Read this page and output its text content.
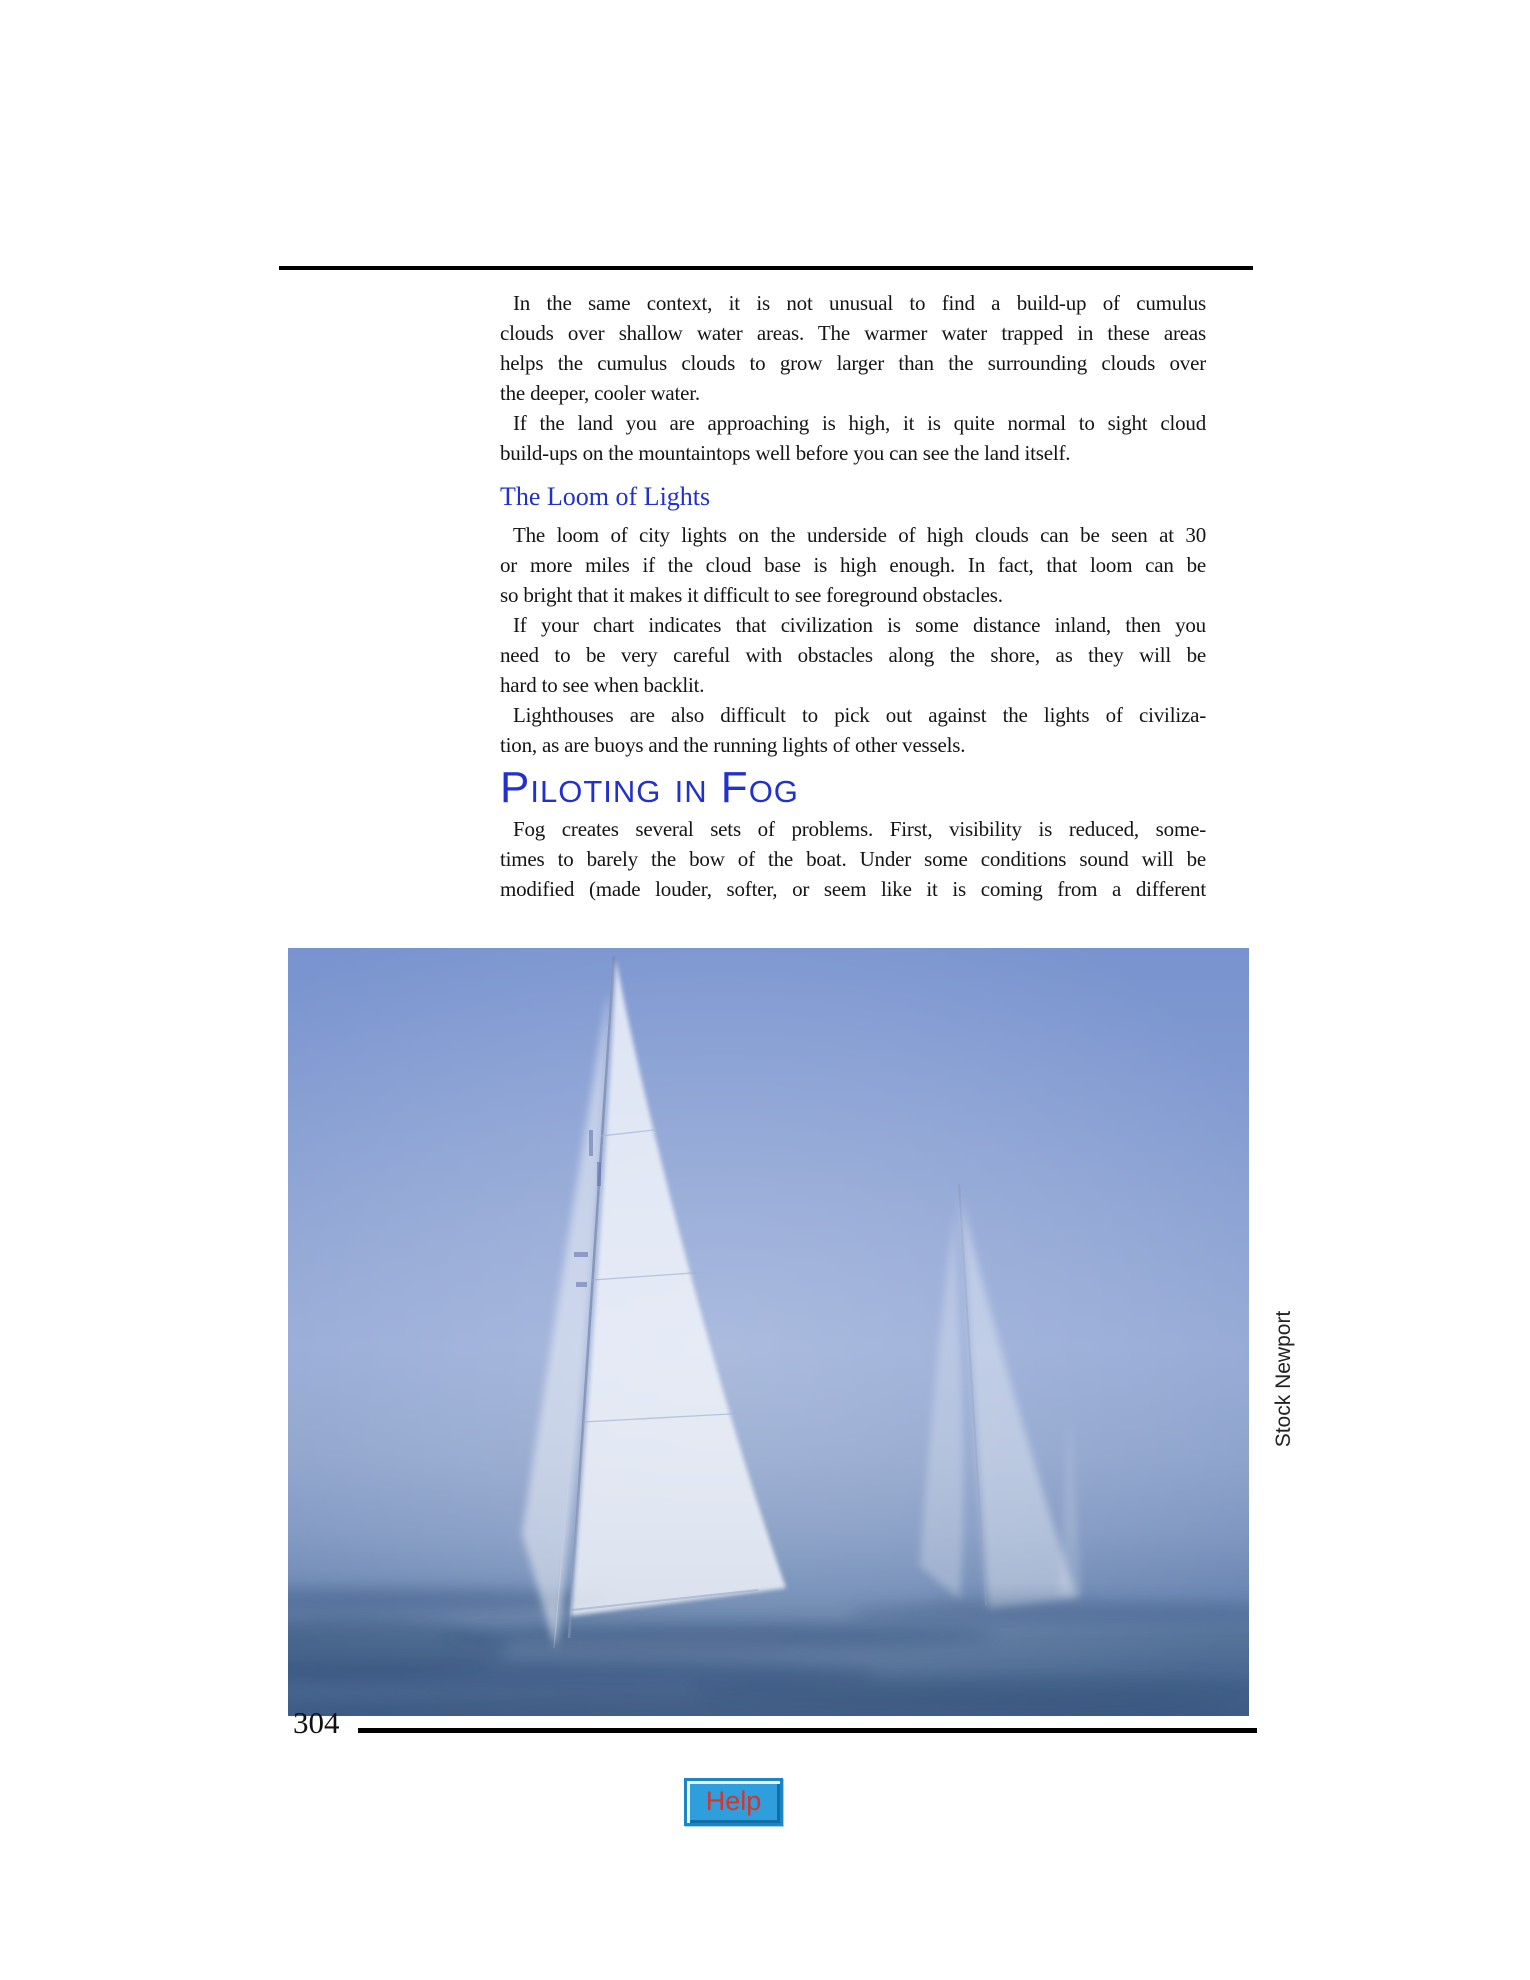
In the same context, it is not unusual to find a build-up of cumulus
clouds over shallow water areas. The warmer water trapped in these areas
helps the cumulus clouds to grow larger than the surrounding clouds over
the deeper, cooler water.
If the land you are approaching is high, it is quite normal to sight cloud
build-ups on the mountaintops well before you can see the land itself.
The Loom of Lights
The loom of city lights on the underside of high clouds can be seen at 30
or more miles if the cloud base is high enough. In fact, that loom can be
so bright that it makes it difficult to see foreground obstacles.
If your chart indicates that civilization is some distance inland, then you
need to be very careful with obstacles along the shore, as they will be
hard to see when backlit.
Lighthouses are also difficult to pick out against the lights of civiliza-
tion, as are buoys and the running lights of other vessels.
Piloting in Fog
Fog creates several sets of problems. First, visibility is reduced, some-
times to barely the bow of the boat. Under some conditions sound will be
modified (made louder, softer, or seem like it is coming from a different
Stock Newport
304
Help
